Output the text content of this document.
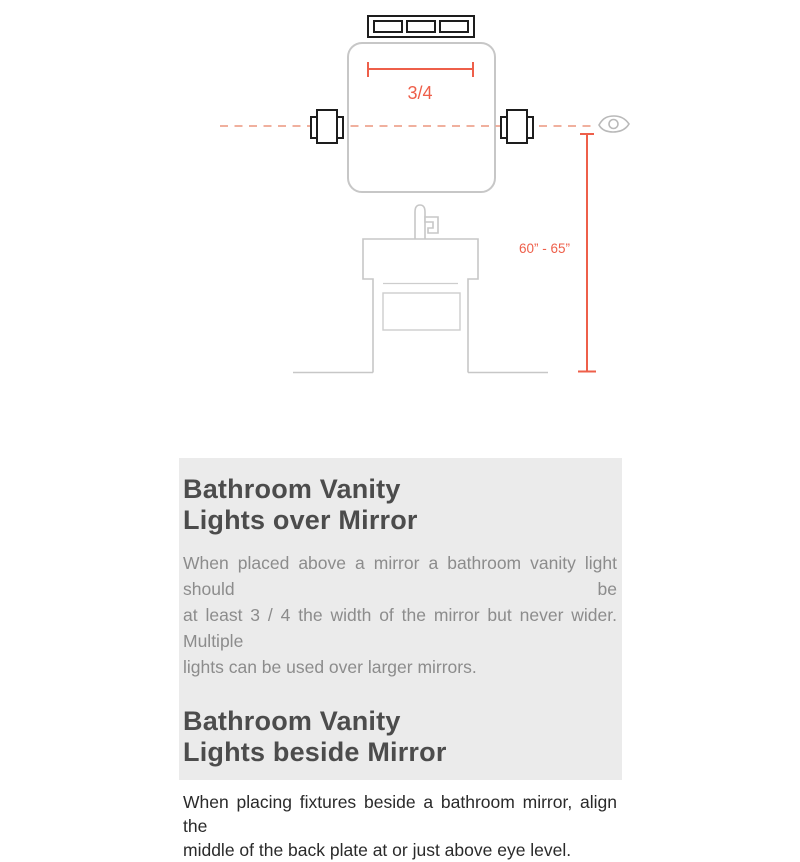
3/4
60” - 65”
Bathroom Vanity
Lights over Mirror
When placed above a mirror a bathroom vanity light should be
at least 3 / 4 the width of the mirror but never wider. Multiple
lights can be used over larger mirrors.
Bathroom Vanity
Lights beside Mirror
When placing fixtures beside a bathroom mirror, align the
middle of the back plate at or just above eye level.
